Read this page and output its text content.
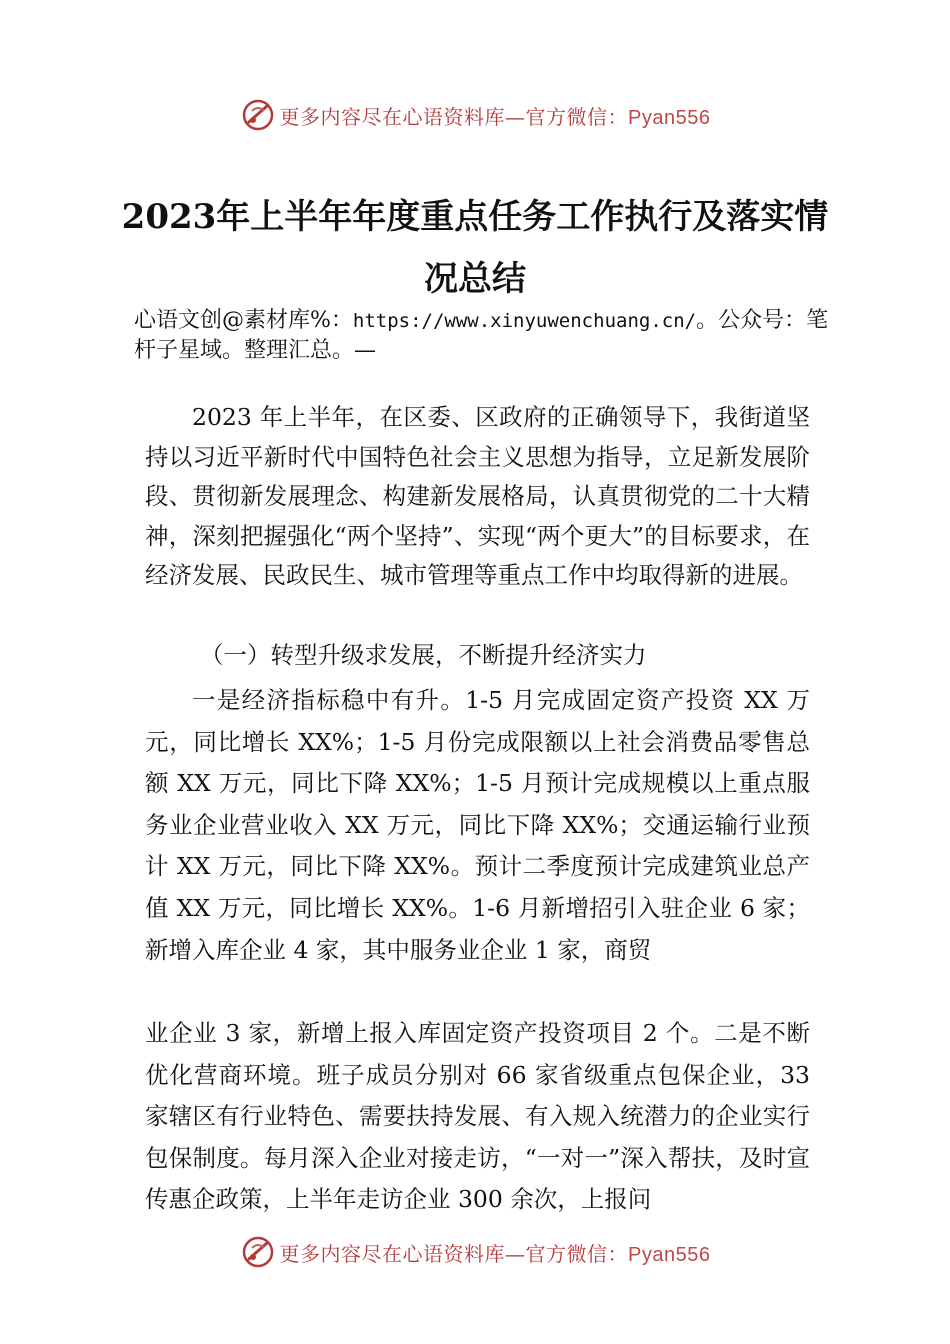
更多内容尽在心语资料库—官方微信：Pyan556
2023年上半年年度重点任务工作执行及落实情况总结
心语文创@素材库%：https://www.xinyuwenchuang.cn/。公众号：笔杆子星域。整理汇总。—

2023 年上半年，在区委、区政府的正确领导下，我街道坚持以习近平新时代中国特色社会主义思想为指导，立足新发展阶段、贯彻新发展理念、构建新发展格局，认真贯彻党的二十大精神，深刻把握强化“两个坚持”、实现“两个更大”的目标要求，在经济发展、民政民生、城市管理等重点工作中均取得新的进展。

（一）转型升级求发展，不断提升经济实力

一是经济指标稳中有升。1-5 月完成固定资产投资 XX 万元，同比增长 XX%；1-5 月份完成限额以上社会消费品零售总额 XX 万元，同比下降 XX%；1-5 月预计完成规模以上重点服务业企业营业收入 XX 万元，同比下降 XX%；交通运输行业预计 XX 万元，同比下降 XX%。预计二季度预计完成建筑业总产值 XX 万元，同比增长 XX%。1-6 月新增招引入驻企业 6 家；新增入库企业 4 家，其中服务业企业 1 家，商贸

业企业 3 家，新增上报入库固定资产投资项目 2 个。二是不断优化营商环境。班子成员分别对 66 家省级重点包保企业，33 家辖区有行业特色、需要扶持发展、有入规入统潜力的企业实行包保制度。每月深入企业对接走访，“一对一”深入帮扶，及时宣传惠企政策，上半年走访企业 300 余次，上报问

更多内容尽在心语资料库—官方微信：Pyan556
